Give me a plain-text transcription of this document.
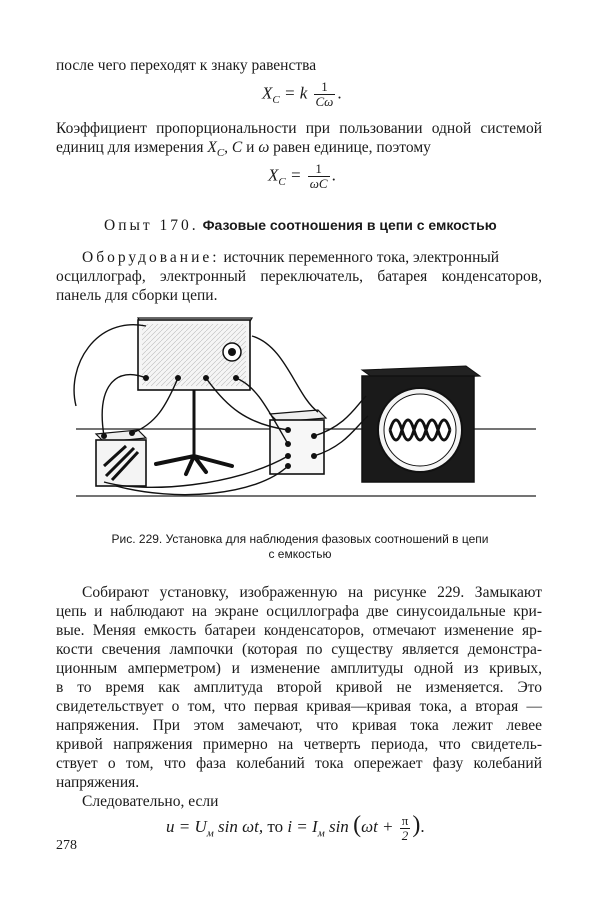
после чего переходят к знаку равенства

$X_C = k \frac{1}{C\omega}$ .

Коэффициент пропорциональности при пользовании одной системой

единиц для измерения $X_C$, C и ω равен единице, поэтому

$X_C = \frac{1}{\omega C}$ .
Опыт 170. Фазовые соотношения в цепи с емкостью

Оборудование: источник переменного тока, электронный

осциллограф, электронный переключатель, батарея конденсаторов,

панель для сборки цепи.

Рис. 229. Установка для наблюдения фазовых соотношений в цепи
с емкостью

Собирают установку, изображенную на рисунке 229. Замыкают

цепь и наблюдают на экране осциллографа две синусоидальные кри-

вые. Меняя емкость батареи конденсаторов, отмечают изменение яр-

кости свечения лампочки (которая по существу является демонстра-

ционным амперметром) и изменение амплитуды одной из кривых,

в то время как амплитуда второй кривой не изменяется. Это

свидетельствует о том, что первая кривая—кривая тока, а вторая —

напряжения. При этом замечают, что кривая тока лежит левее

кривой напряжения примерно на четверть периода, что свидетель-

ствует о том, что фаза колебаний тока опережает фазу колебаний

напряжения.

Следовательно, если

$u = U_м$ sin ωt, то $i = I_м$ $\sin (\omega t + \frac{\pi}{2}$ ).
278
